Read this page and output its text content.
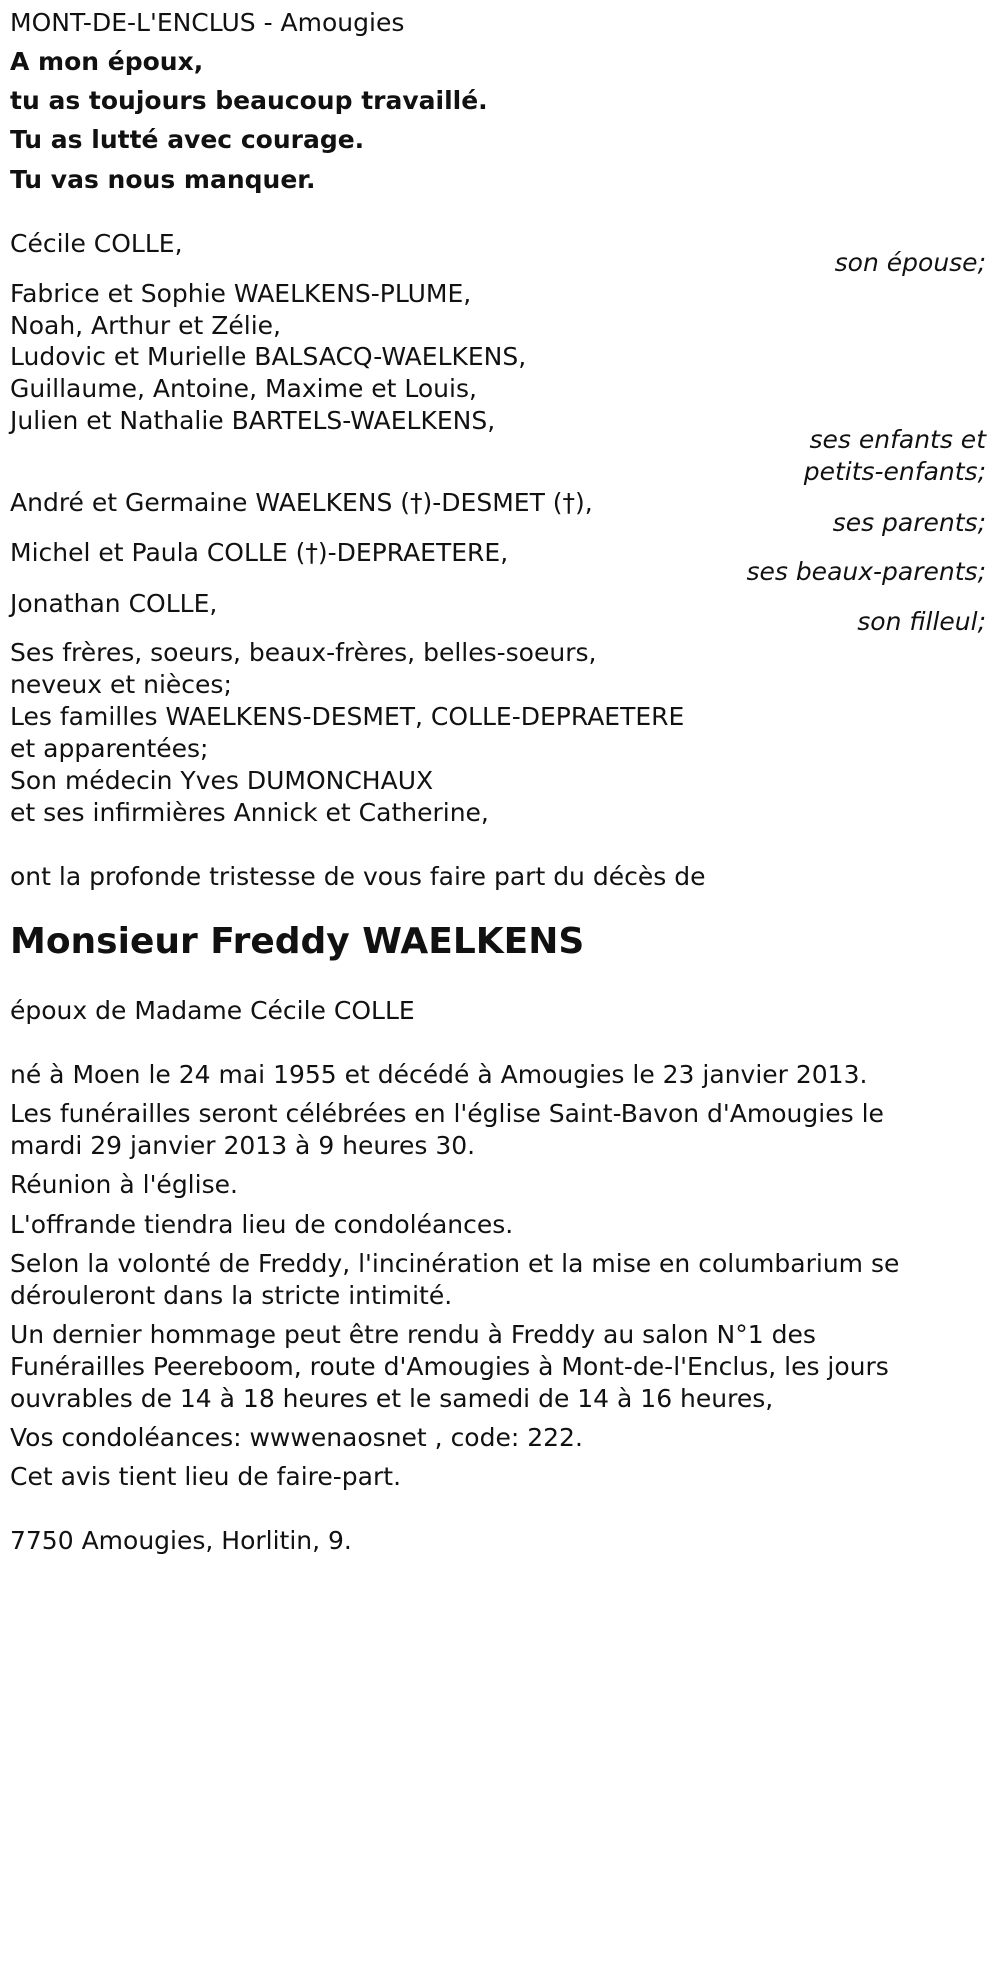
MONT-DE-L'ENCLUS - Amougies
A mon époux,
tu as toujours beaucoup travaillé.
Tu as lutté avec courage.
Tu vas nous manquer.
Cécile COLLE,
son épouse;
Fabrice et Sophie WAELKENS-PLUME,
Noah, Arthur et Zélie,
Ludovic et Murielle BALSACQ-WAELKENS,
Guillaume, Antoine, Maxime et Louis,
Julien et Nathalie BARTELS-WAELKENS,
ses enfants et
petits-enfants;
André et Germaine WAELKENS (†)-DESMET (†),
ses parents;
Michel et Paula COLLE (†)-DEPRAETERE,
ses beaux-parents;
Jonathan COLLE,
son filleul;
Ses frères, soeurs, beaux-frères, belles-soeurs,
neveux et nièces;
Les familles WAELKENS-DESMET, COLLE-DEPRAETERE
et apparentées;
Son médecin Yves DUMONCHAUX
et ses infirmières Annick et Catherine,
ont la profonde tristesse de vous faire part du décès de
Monsieur Freddy WAELKENS
époux de Madame Cécile COLLE
né à Moen le 24 mai 1955 et décédé à Amougies le 23 janvier 2013.
Les funérailles seront célébrées en l'église Saint-Bavon d'Amougies le
mardi 29 janvier 2013 à 9 heures 30.
Réunion à l'église.
L'offrande tiendra lieu de condoléances.
Selon la volonté de Freddy, l'incinération et la mise en columbarium se
dérouleront dans la stricte intimité.
Un dernier hommage peut être rendu à Freddy au salon N°1 des
Funérailles Peereboom, route d'Amougies à Mont-de-l'Enclus, les jours
ouvrables de 14 à 18 heures et le samedi de 14 à 16 heures,
Vos condoléances: wwwenaosnet , code: 222.
Cet avis tient lieu de faire-part.
7750 Amougies, Horlitin, 9.
